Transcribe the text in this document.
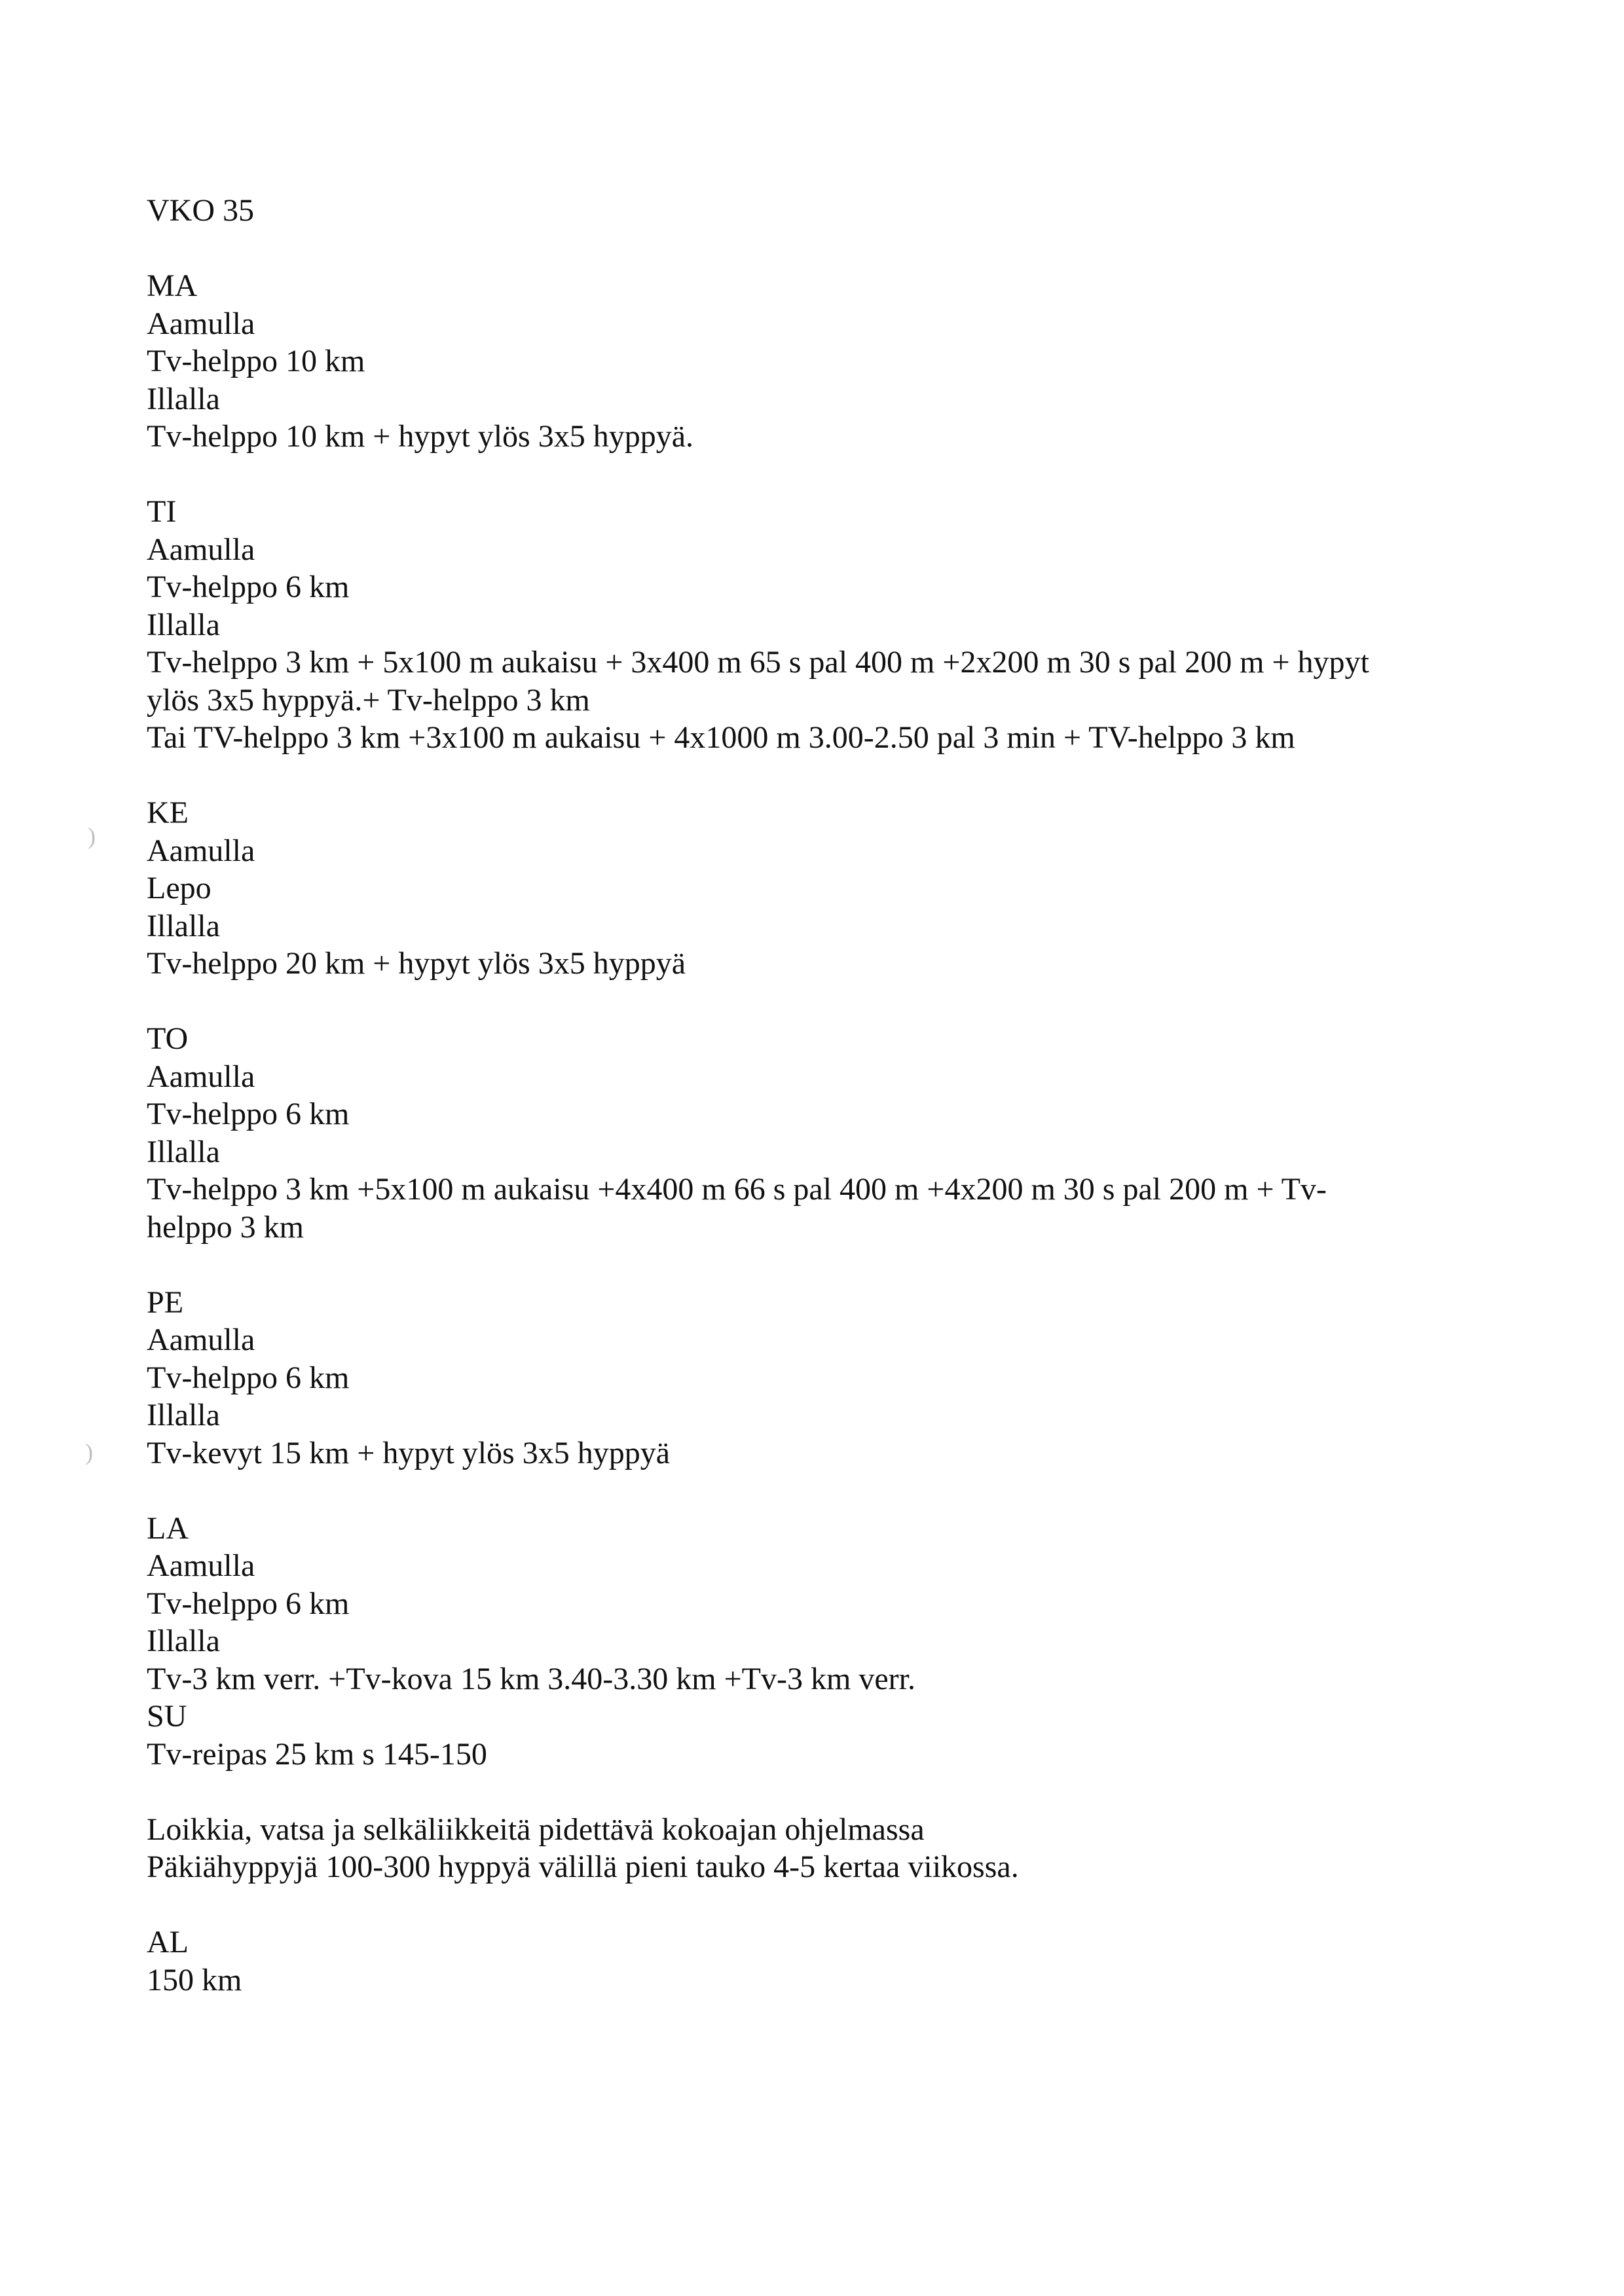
)
)
VKO 35
MA
Aamulla
Tv-helppo 10 km
Illalla
Tv-helppo 10 km + hypyt ylös 3x5 hyppyä.
TI
Aamulla
Tv-helppo 6 km
Illalla
Tv-helppo 3 km + 5x100 m aukaisu + 3x400 m 65 s pal 400 m +2x200 m 30 s pal 200 m + hypyt
ylös 3x5 hyppyä.+ Tv-helppo 3 km
Tai TV-helppo 3 km +3x100 m aukaisu + 4x1000 m 3.00-2.50 pal 3 min + TV-helppo 3 km
KE
Aamulla
Lepo
Illalla
Tv-helppo 20 km + hypyt ylös 3x5 hyppyä
TO
Aamulla
Tv-helppo 6 km
Illalla
Tv-helppo 3 km +5x100 m aukaisu +4x400 m 66 s pal 400 m +4x200 m 30 s pal 200 m + Tv-
helppo 3 km
PE
Aamulla
Tv-helppo 6 km
Illalla
Tv-kevyt 15 km + hypyt ylös 3x5 hyppyä
LA
Aamulla
Tv-helppo 6 km
Illalla
Tv-3 km verr. +Tv-kova 15 km 3.40-3.30 km +Tv-3 km verr.
SU
Tv-reipas 25 km s 145-150
Loikkia, vatsa ja selkäliikkeitä pidettävä kokoajan ohjelmassa
Päkiähyppyjä 100-300 hyppyä välillä pieni tauko 4-5 kertaa viikossa.
AL
150 km
